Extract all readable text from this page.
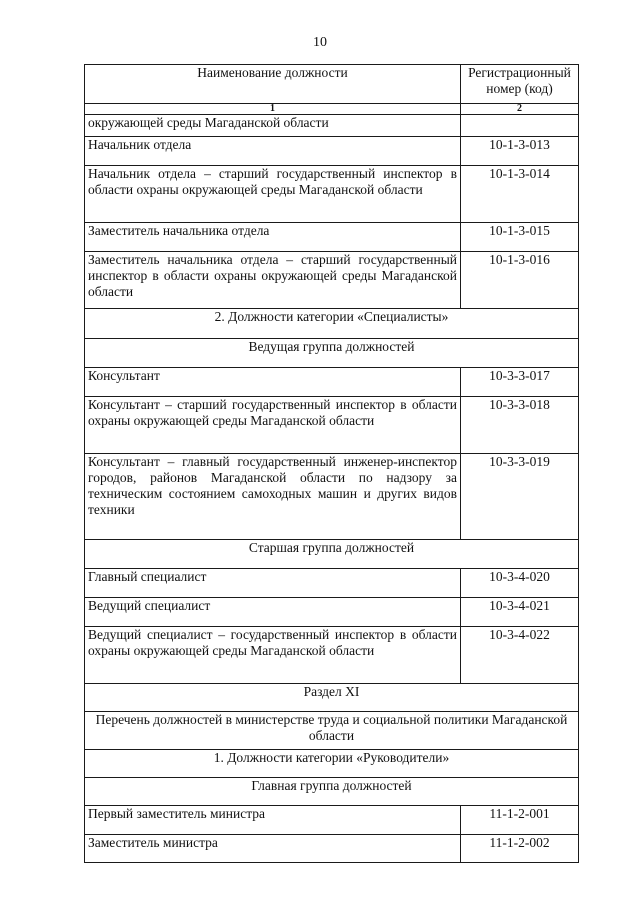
10
Наименование должности	Регистрационный номер (код)
1	2
окружающей среды Магаданской области	
Начальник отдела	10-1-3-013
Начальник отдела – старший государственный инспектор в области охраны окружающей среды Магаданской области	10-1-3-014
Заместитель начальника отдела	10-1-3-015
Заместитель начальника отдела – старший государственный инспектор в области охраны окружающей среды Магаданской области	10-1-3-016
2. Должности категории «Специалисты»	
Ведущая группа должностей	
Консультант	10-3-3-017
Консультант – старший государственный инспектор в области охраны окружающей среды Магаданской области	10-3-3-018
Консультант – главный государственный инженер-инспектор городов, районов Магаданской области по надзору за техническим состоянием самоходных машин и других видов техники	10-3-3-019
Старшая группа должностей	
Главный специалист	10-3-4-020
Ведущий специалист	10-3-4-021
Ведущий специалист – государственный инспектор в области охраны окружающей среды Магаданской области	10-3-4-022
Раздел XI	
Перечень должностей в министерстве труда и социальной политики Магаданской области	
1. Должности категории «Руководители»	
Главная группа должностей	
Первый заместитель министра	11-1-2-001
Заместитель министра	11-1-2-002
